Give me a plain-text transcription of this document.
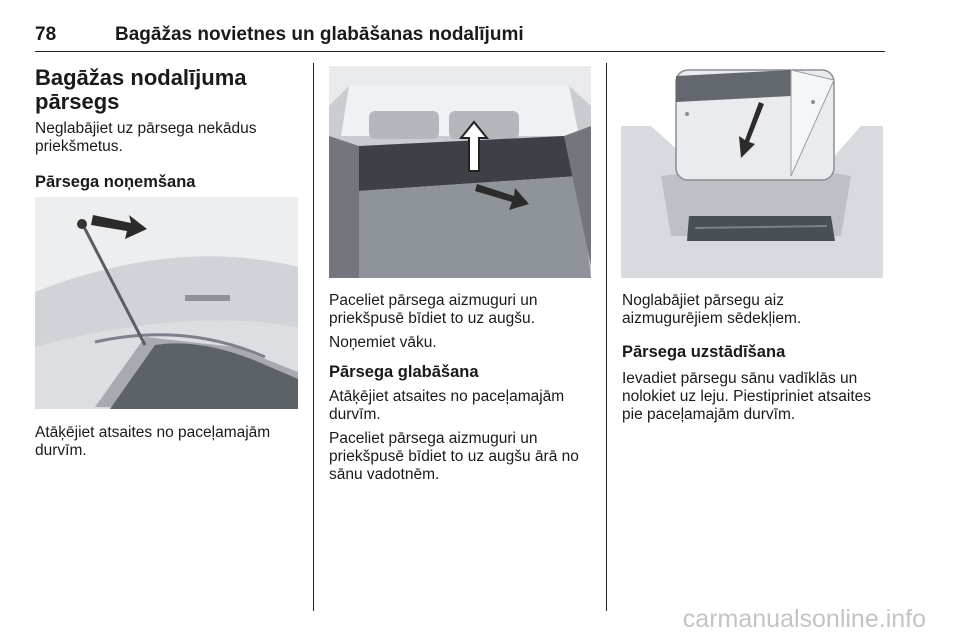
78	Bagāžas novietnes un glabāšanas nodalījumi
Bagāžas nodalījuma
pārsegs
Neglabājiet uz pārsega nekādus
priekšmetus.
Pārsega noņemšana
Atāķējiet atsaites no paceļamajām
durvīm.
Paceliet pārsega aizmuguri un
priekšpusē bīdiet to uz augšu.
Noņemiet vāku.
Pārsega glabāšana
Atāķējiet atsaites no paceļamajām
durvīm.
Paceliet pārsega aizmuguri un
priekšpusē bīdiet to uz augšu ārā no
sānu vadotnēm.
Noglabājiet pārsegu aiz
aizmugurējiem sēdekļiem.
Pārsega uzstādīšana
Ievadiet pārsegu sānu vadīklās un
nolokiet uz leju. Piestipriniet atsaites
pie paceļamajām durvīm.
carmanualsonline.info
